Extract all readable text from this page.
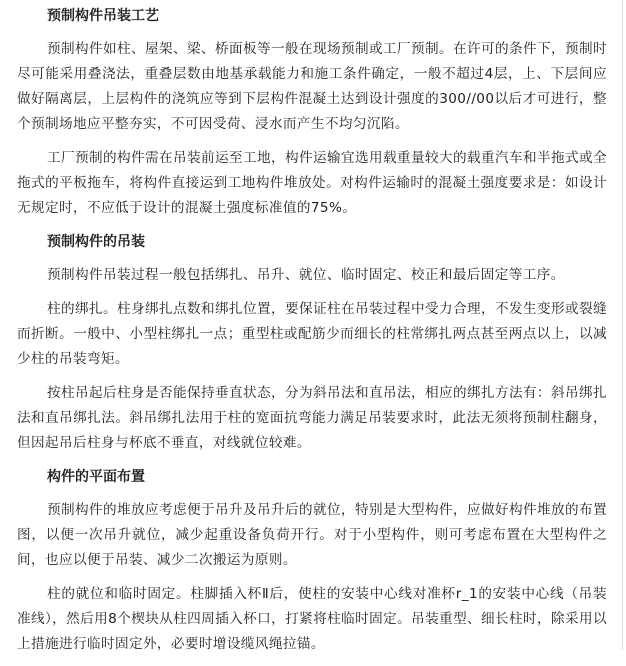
预制构件吊装工艺

预制构件如柱、屋架、梁、桥面板等一般在现场预制或工厂预制。在许可的条件下，预制时尽可能采用叠浇法，重叠层数由地基承载能力和施工条件确定，一般不超过4层，上、下层间应做好隔离层，上层构件的浇筑应等到下层构件混凝土达到设计强度的300//00以后才可进行，整个预制场地应平整夯实，不可因受荷、浸水而产生不均匀沉陷。

工厂预制的构件需在吊装前运至工地，构件运输宜选用载重量较大的载重汽车和半拖式或全拖式的平板拖车，将构件直接运到工地构件堆放处。对构件运输时的混凝土强度要求是：如设计无规定时，不应低于设计的混凝土强度标准值的75%。

预制构件的吊装

预制构件吊装过程一般包括绑扎、吊升、就位、临时固定、校正和最后固定等工序。

柱的绑扎。柱身绑扎点数和绑扎位置，要保证柱在吊装过程中受力合理，不发生变形或裂缝而折断。一般中、小型柱绑扎一点；重型柱或配筋少而细长的柱常绑扎两点甚至两点以上，以减少柱的吊装弯矩。

按柱吊起后柱身是否能保持垂直状态，分为斜吊法和直吊法，相应的绑扎方法有：斜吊绑扎法和直吊绑扎法。斜吊绑扎法用于柱的宽面抗弯能力满足吊装要求时，此法无须将预制柱翻身，但因起吊后柱身与杯底不垂直，对线就位较难。

构件的平面布置

预制构件的堆放应考虑便于吊升及吊升后的就位，特别是大型构件，应做好构件堆放的布置图，以便一次吊升就位，减少起重设备负荷开行。对于小型构件，则可考虑布置在大型构件之间，也应以便于吊装、减少二次搬运为原则。

柱的就位和临时固定。柱脚插入杯Ⅱ后，使柱的安装中心线对准杯r_1的安装中心线（吊装准线），然后用8个楔块从柱四周插入杯口，打紧将柱临时固定。吊装重型、细长柱时，除采用以上措施进行临时固定外，必要时增设缆风绳拉锚。
